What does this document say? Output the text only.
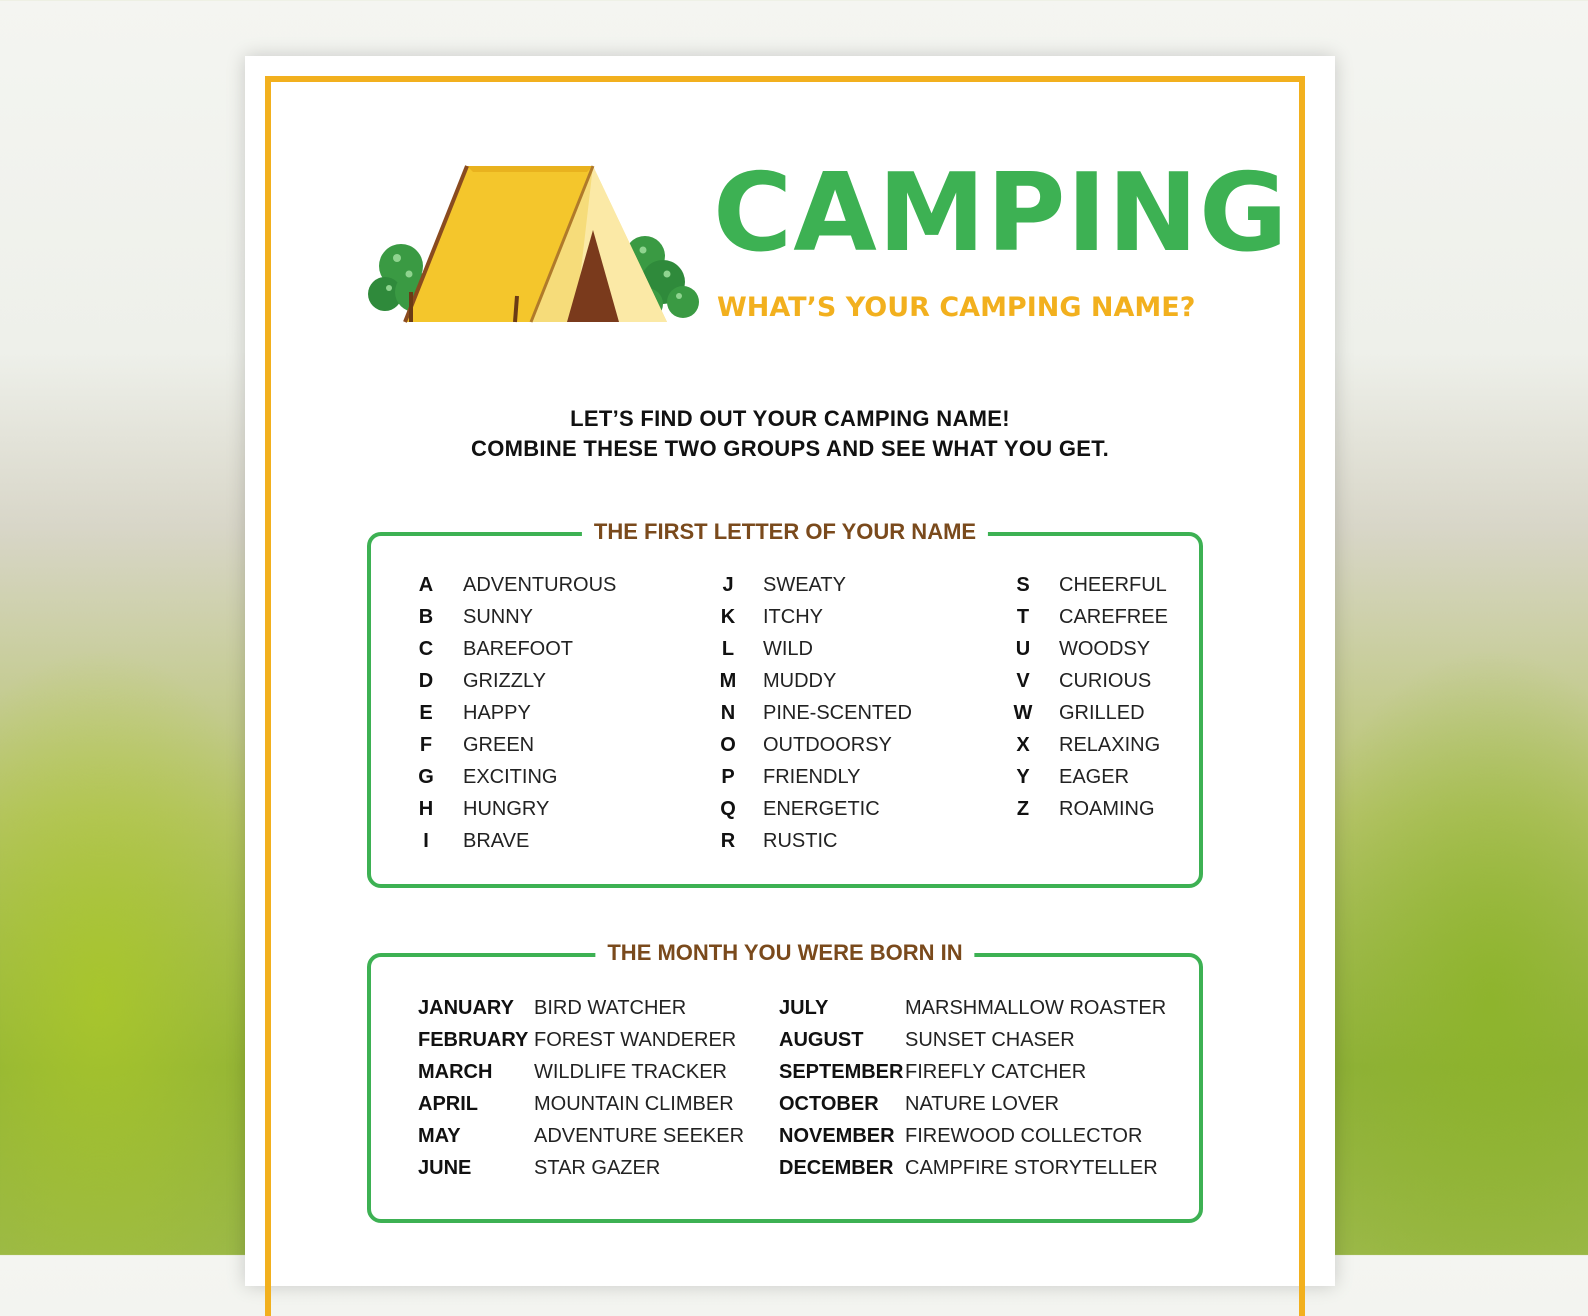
CAMPING
WHAT’S YOUR CAMPING NAME?

LET’S FIND OUT YOUR CAMPING NAME!

COMBINE THESE TWO GROUPS AND SEE WHAT YOU GET.

THE FIRST LETTER OF YOUR NAME
A ADVENTUROUS
B SUNNY
C BAREFOOT
D GRIZZLY
E HAPPY
F GREEN
G EXCITING
H HUNGRY
I	BRAVE
J SWEATY
K ITCHY
L WILD
M MUDDY
N PINE-SCENTED
O OUTDOORSY
P FRIENDLY
Q ENERGETIC
R RUSTIC
S CHEERFUL
T CAREFREE
U WOODSY
V CURIOUS
W GRILLED
X RELAXING
Y EAGER
Z ROAMING
THE MONTH YOU WERE BORN IN
JANUARY BIRD WATCHER
FEBRUARY FOREST WANDERER
MARCH WILDLIFE TRACKER
APRIL	MOUNTAIN CLIMBER
MAY	ADVENTURE SEEKER
JUNE	STAR GAZER
JULY	MARSHMALLOW ROASTER
AUGUST SUNSET CHASER
SEPTEMBER FIREFLY CATCHER
OCTOBER NATURE LOVER
NOVEMBER FIREWOOD COLLECTOR
DECEMBER CAMPFIRE STORYTELLER
